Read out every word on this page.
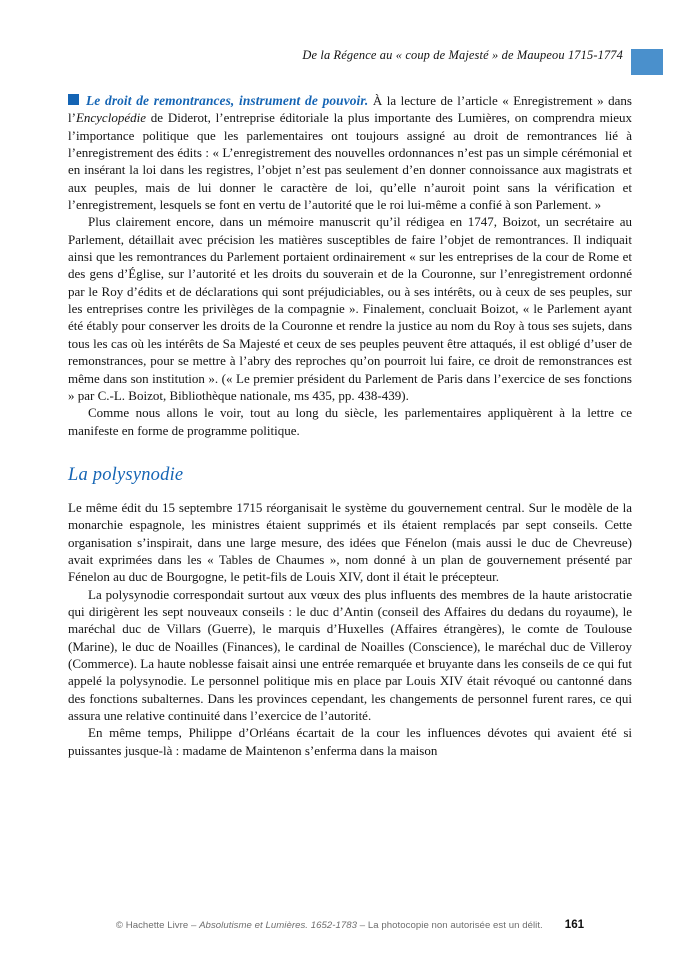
De la Régence au « coup de Majesté » de Maupeou 1715-1774

Le droit de remontrances, instrument de pouvoir. À la lecture de l’article « Enregistrement » dans l’Encyclopédie de Diderot, l’entreprise éditoriale la plus importante des Lumières, on comprendra mieux l’importance politique que les parlementaires ont toujours assigné au droit de remontrances lié à l’enregistrement des édits : « L’enregistrement des nouvelles ordonnances n’est pas un simple cérémonial et en insérant la loi dans les registres, l’objet n’est pas seulement d’en donner connoissance aux magistrats et aux peuples, mais de lui donner le caractère de loi, qu’elle n’auroit point sans la vérification et l’enregistrement, lesquels se font en vertu de l’autorité que le roi lui-même a confié à son Parlement. »

Plus clairement encore, dans un mémoire manuscrit qu’il rédigea en 1747, Boizot, un secrétaire au Parlement, détaillait avec précision les matières susceptibles de faire l’objet de remontrances. Il indiquait ainsi que les remontrances du Parlement portaient ordinairement « sur les entreprises de la cour de Rome et des gens d’Église, sur l’autorité et les droits du souverain et de la Couronne, sur l’enregistrement ordonné par le Roy d’édits et de déclarations qui sont préjudiciables, ou à ses intérêts, ou à ceux de ses peuples, sur les entreprises contre les privilèges de la compagnie ». Finalement, concluait Boizot, « le Parlement ayant été étably pour conserver les droits de la Couronne et rendre la justice au nom du Roy à tous ses sujets, dans tous les cas où les intérêts de Sa Majesté et ceux de ses peuples peuvent être attaqués, il est obligé d’user de remonstrances, pour se mettre à l’abry des reproches qu’on pourroit lui faire, ce droit de remonstrances est même dans son institution ». (« Le premier président du Parlement de Paris dans l’exercice de ses fonctions » par C.-L. Boizot, Bibliothèque nationale, ms 435, pp. 438-439).

Comme nous allons le voir, tout au long du siècle, les parlementaires appliquèrent à la lettre ce manifeste en forme de programme politique.

La polysynodie

Le même édit du 15 septembre 1715 réorganisait le système du gouvernement central. Sur le modèle de la monarchie espagnole, les ministres étaient supprimés et ils étaient remplacés par sept conseils. Cette organisation s’inspirait, dans une large mesure, des idées que Fénelon (mais aussi le duc de Chevreuse) avait exprimées dans les « Tables de Chaumes », nom donné à un plan de gouvernement présenté par Fénelon au duc de Bourgogne, le petit-fils de Louis XIV, dont il était le précepteur.

La polysynodie correspondait surtout aux vœux des plus influents des membres de la haute aristocratie qui dirigèrent les sept nouveaux conseils : le duc d’Antin (conseil des Affaires du dedans du royaume), le maréchal duc de Villars (Guerre), le marquis d’Huxelles (Affaires étrangères), le comte de Toulouse (Marine), le duc de Noailles (Finances), le cardinal de Noailles (Conscience), le maréchal duc de Villeroy (Commerce). La haute noblesse faisait ainsi une entrée remarquée et bruyante dans les conseils de ce qui fut appelé la polysynodie. Le personnel politique mis en place par Louis XIV était révoqué ou cantonné dans des fonctions subalternes. Dans les provinces cependant, les changements de personnel furent rares, ce qui assura une relative continuité dans l’exercice de l’autorité.

En même temps, Philippe d’Orléans écartait de la cour les influences dévotes qui avaient été si puissantes jusque-là : madame de Maintenon s’enferma dans la maison

© Hachette Livre – Absolutisme et Lumières. 1652-1783 – La photocopie non autorisée est un délit. 161
